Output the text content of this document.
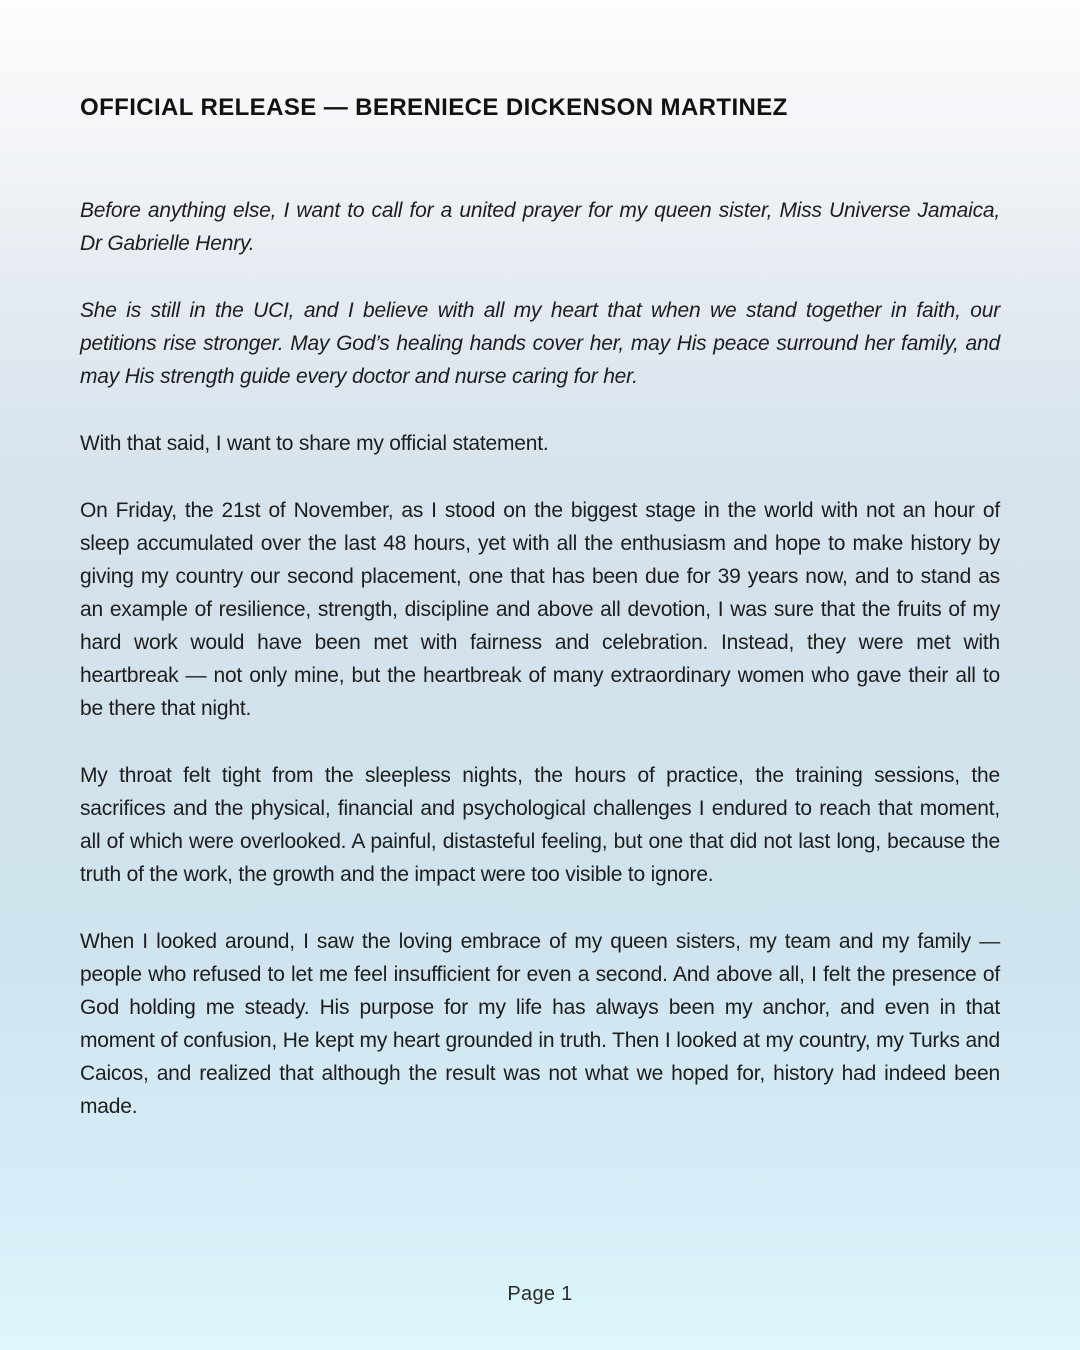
OFFICIAL RELEASE — BERENIECE DICKENSON MARTINEZ

Before anything else, I want to call for a united prayer for my queen sister, Miss Universe Jamaica, Dr Gabrielle Henry.

She is still in the UCI, and I believe with all my heart that when we stand together in faith, our petitions rise stronger. May God’s healing hands cover her, may His peace surround her family, and may His strength guide every doctor and nurse caring for her.

With that said, I want to share my official statement.

On Friday, the 21st of November, as I stood on the biggest stage in the world with not an hour of sleep accumulated over the last 48 hours, yet with all the enthusiasm and hope to make history by giving my country our second placement, one that has been due for 39 years now, and to stand as an example of resilience, strength, discipline and above all devotion, I was sure that the fruits of my hard work would have been met with fairness and celebration. Instead, they were met with heartbreak — not only mine, but the heartbreak of many extraordinary women who gave their all to be there that night.

My throat felt tight from the sleepless nights, the hours of practice, the training sessions, the sacrifices and the physical, financial and psychological challenges I endured to reach that moment, all of which were overlooked. A painful, distasteful feeling, but one that did not last long, because the truth of the work, the growth and the impact were too visible to ignore.

When I looked around, I saw the loving embrace of my queen sisters, my team and my family — people who refused to let me feel insufficient for even a second. And above all, I felt the presence of God holding me steady. His purpose for my life has always been my anchor, and even in that moment of confusion, He kept my heart grounded in truth. Then I looked at my country, my Turks and Caicos, and realized that although the result was not what we hoped for, history had indeed been made.

Page 1
